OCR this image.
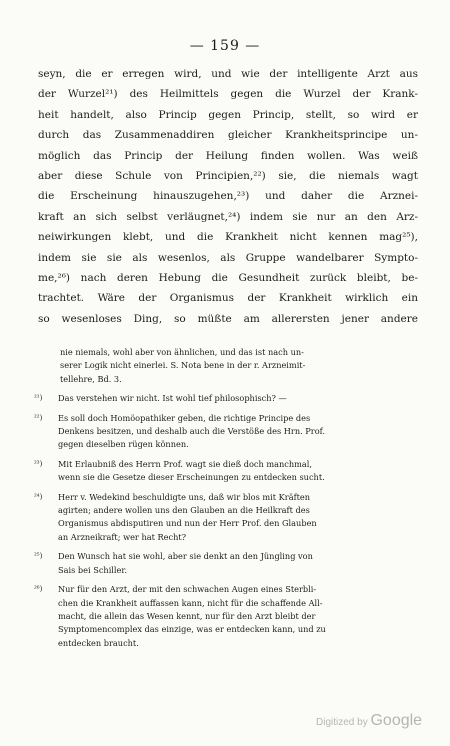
— 159 —
seyn, die er erregen wird, und wie der intelligente Arzt aus
der Wurzel²¹) des Heilmittels gegen die Wurzel der Krank-
heit handelt, also Princip gegen Princip, stellt, so wird er
durch das Zusammenaddiren gleicher Krankheitsprincipe un-
möglich das Princip der Heilung finden wollen. Was weiß
aber diese Schule von Principien,²²) sie, die niemals wagt
die Erscheinung hinauszugehen,²³) und daher die Arznei-
kraft an sich selbst verläugnet,²⁴) indem sie nur an den Arz-
neiwirkungen klebt, und die Krankheit nicht kennen mag²⁵),
indem sie sie als wesenlos, als Gruppe wandelbarer Sympto-
me,²⁶) nach deren Hebung die Gesundheit zurück bleibt, be-
trachtet. Wäre der Organismus der Krankheit wirklich ein
so wesenloses Ding, so müßte am allerersten jener andere
nie niemals, wohl aber von ähnlichen, und das ist nach un-
serer Logik nicht einerlei. S. Nota bene in der r. Arzneimit-
tellehre, Bd. 3.
²¹)	Das verstehen wir nicht. Ist wohl tief philosophisch? —
²²)	Es soll doch Homöopathiker geben, die richtige Principe des
Denkens besitzen, und deshalb auch die Verstöße des Hrn. Prof.
gegen dieselben rügen können.
²³)	Mit Erlaubniß des Herrn Prof. wagt sie dieß doch manchmal,
wenn sie die Gesetze dieser Erscheinungen zu entdecken sucht.
²⁴)	Herr v. Wedekind beschuldigte uns, daß wir blos mit Kräften
agirten; andere wollen uns den Glauben an die Heilkraft des
Organismus abdisputiren und nun der Herr Prof. den Glauben
an Arzneikraft; wer hat Recht?
²⁵)	Den Wunsch hat sie wohl, aber sie denkt an den Jüngling von
Sais bei Schiller.
²⁶)	Nur für den Arzt, der mit den schwachen Augen eines Sterbli-
chen die Krankheit auffassen kann, nicht für die schaffende All-
macht, die allein das Wesen kennt, nur für den Arzt bleibt der
Symptomencomplex das einzige, was er entdecken kann, und zu
entdecken braucht.
Digitized by Google
